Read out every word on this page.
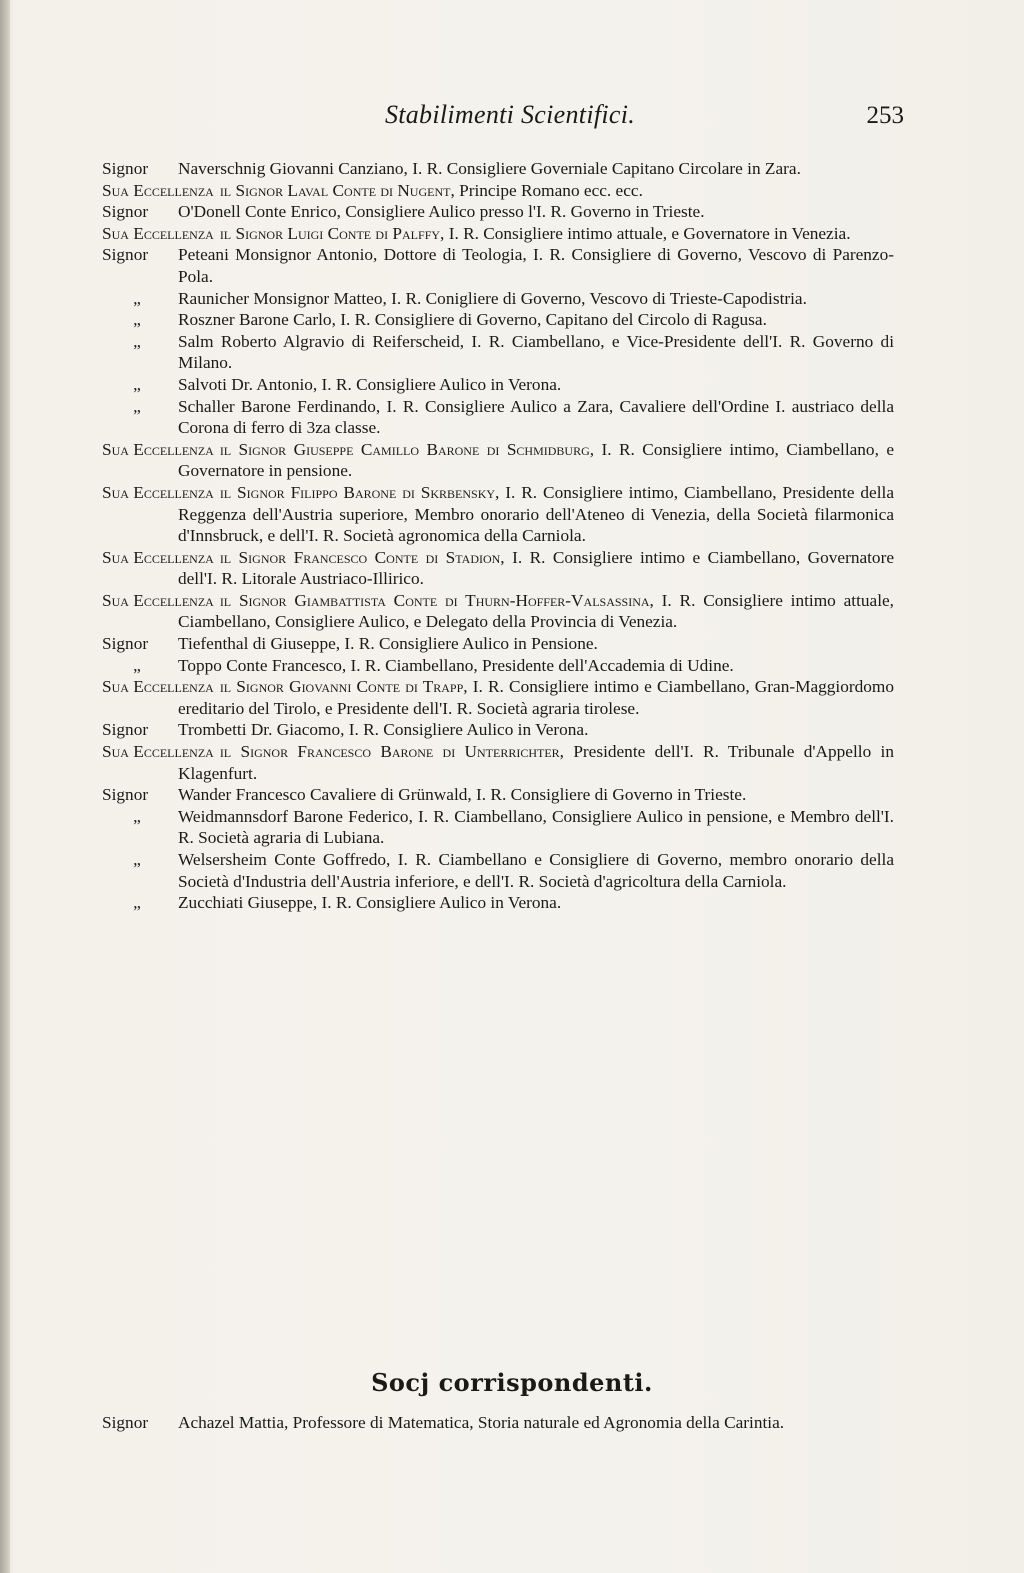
Stabilimenti Scientifici.	253

Signor Naverschnig Giovanni Canziano, I. R. Consigliere Governiale Capitano Circolare in Zara.

Sua Eccellenza il Signor Laval Conte di Nugent, Principe Romano ecc. ecc.

Signor O'Donell Conte Enrico, Consigliere Aulico presso l'I. R. Governo in Trieste.

Sua Eccellenza il Signor Luigi Conte di Palffy, I. R. Consigliere intimo attuale, e Governatore in Venezia.

Signor Peteani Monsignor Antonio, Dottore di Teologia, I. R. Consigliere di Governo, Vescovo di Parenzo-Pola.

„ Raunicher Monsignor Matteo, I. R. Conigliere di Governo, Vescovo di Trieste-Capodistria.

„ Roszner Barone Carlo, I. R. Consigliere di Governo, Capitano del Circolo di Ragusa.

„ Salm Roberto Algravio di Reiferscheid, I. R. Ciambellano, e Vice-Presidente dell'I. R. Governo di Milano.

„ Salvoti Dr. Antonio, I. R. Consigliere Aulico in Verona.

„ Schaller Barone Ferdinando, I. R. Consigliere Aulico a Zara, Cavaliere dell'Ordine I. austriaco della Corona di ferro di 3za classe.

Sua Eccellenza il Signor Giuseppe Camillo Barone di Schmidburg, I. R. Consigliere intimo, Ciambellano, e Governatore in pensione.

Sua Eccellenza il Signor Filippo Barone di Skrbensky, I. R. Consigliere intimo, Ciambellano, Presidente della Reggenza dell'Austria superiore, Membro onorario dell'Ateneo di Venezia, della Società filarmonica d'Innsbruck, e dell'I. R. Società agronomica della Carniola.

Sua Eccellenza il Signor Francesco Conte di Stadion, I. R. Consigliere intimo e Ciambellano, Governatore dell'I. R. Litorale Austriaco-Illirico.

Sua Eccellenza il Signor Giambattista Conte di Thurn-Hoffer-Valsassina, I. R. Consigliere intimo attuale, Ciambellano, Consigliere Aulico, e Delegato della Provincia di Venezia.

Signor Tiefenthal di Giuseppe, I. R. Consigliere Aulico in Pensione.

„ Toppo Conte Francesco, I. R. Ciambellano, Presidente dell'Accademia di Udine.

Sua Eccellenza il Signor Giovanni Conte di Trapp, I. R. Consigliere intimo e Ciambellano, Gran-Maggiordomo ereditario del Tirolo, e Presidente dell'I. R. Società agraria tirolese.

Signor Trombetti Dr. Giacomo, I. R. Consigliere Aulico in Verona.

Sua Eccellenza il Signor Francesco Barone di Unterrichter, Presidente dell'I. R. Tribunale d'Appello in Klagenfurt.

Signor Wander Francesco Cavaliere di Grünwald, I. R. Consigliere di Governo in Trieste.

„ Weidmannsdorf Barone Federico, I. R. Ciambellano, Consigliere Aulico in pensione, e Membro dell'I. R. Società agraria di Lubiana.

„ Welsersheim Conte Goffredo, I. R. Ciambellano e Consigliere di Governo, membro onorario della Società d'Industria dell'Austria inferiore, e dell'I. R. Società d'agricoltura della Carniola.

„ Zucchiati Giuseppe, I. R. Consigliere Aulico in Verona.

Socj corrispondenti.

Signor Achazel Mattia, Professore di Matematica, Storia naturale ed Agronomia della Carintia.
